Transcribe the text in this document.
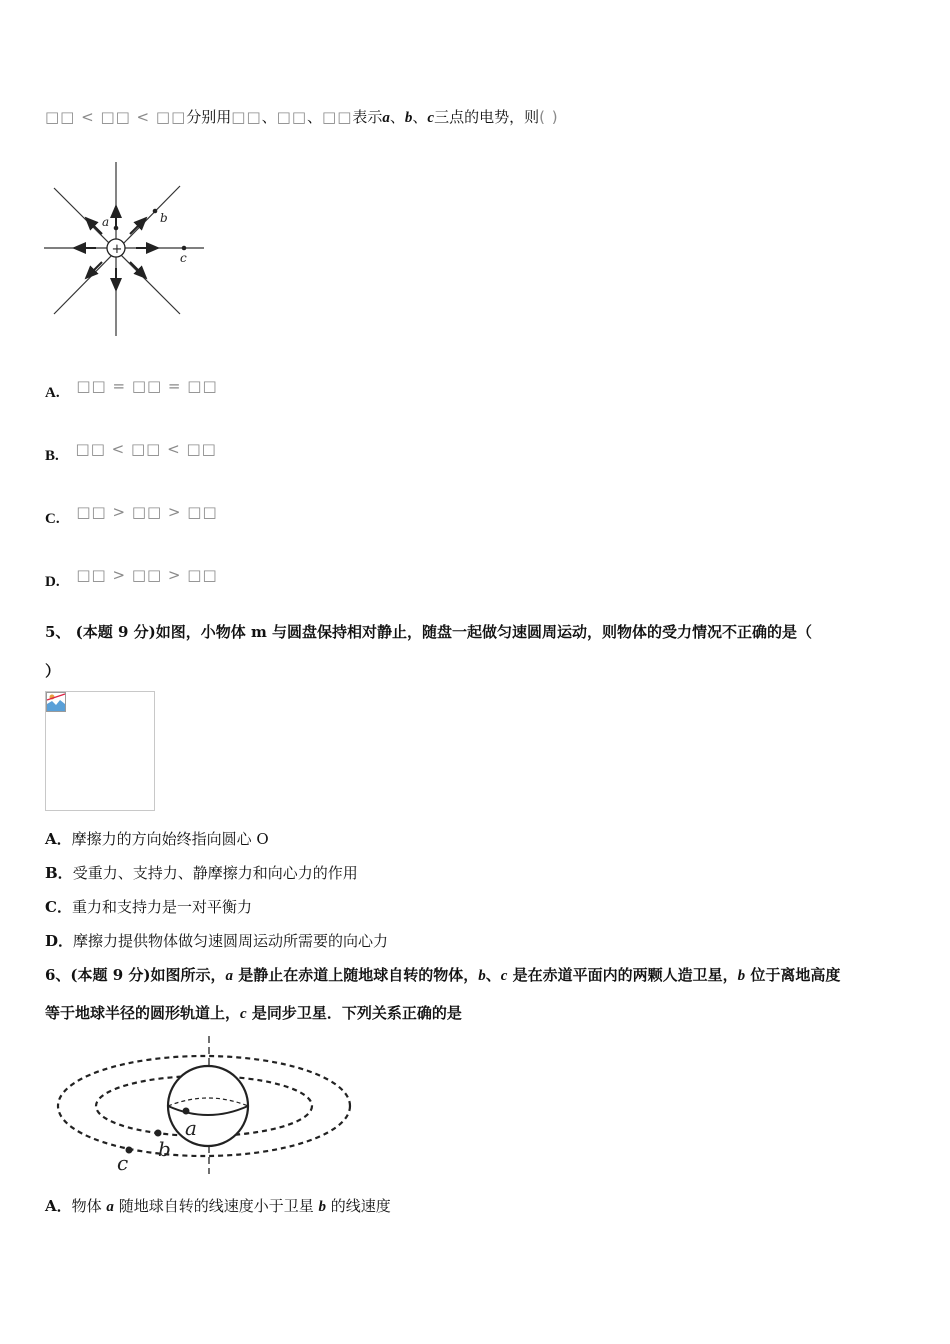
□□ < □□ < □□分别用□□、□□、□□表示a、b、c三点的电势，则( )
+
a	b
c
A. □□ = □□ = □□
B. □□ < □□ < □□
C. □□ > □□ > □□
D. □□ > □□ > □□
5、 (本题 9 分)如图，小物体 m 与圆盘保持相对静止，随盘一起做匀速圆周运动，则物体的受力情况不正确的是（
）
A．摩擦力的方向始终指向圆心 O
B．受重力、支持力、静摩擦力和向心力的作用
C．重力和支持力是一对平衡力
D．摩擦力提供物体做匀速圆周运动所需要的向心力
6、(本题 9 分)如图所示，a 是静止在赤道上随地球自转的物体，b、c 是在赤道平面内的两颗人造卫星，b 位于离地高度
等于地球半径的圆形轨道上，c 是同步卫星．下列关系正确的是
a
b
c
A．物体 a 随地球自转的线速度小于卫星 b 的线速度
